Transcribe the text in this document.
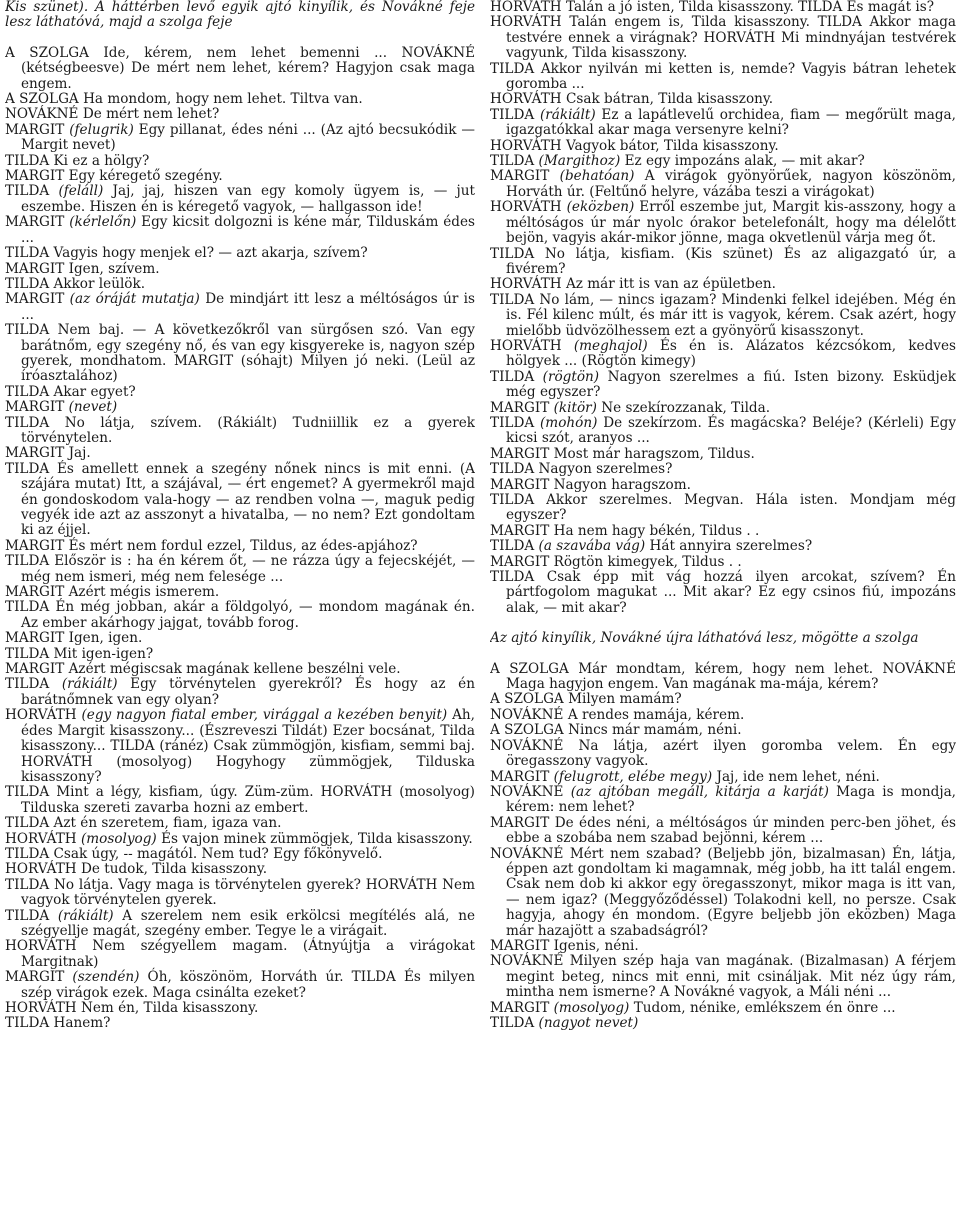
Kis szünet). A háttérben levő egyik ajtó kinyílik, és Novákné feje lesz láthatóvá, majd a szolga feje

A SZOLGA Ide, kérem, nem lehet bemenni ... NOVÁKNÉ (kétségbeesve) De mért nem lehet, kérem? Hagyjon csak maga engem.

A SZOLGA Ha mondom, hogy nem lehet. Tiltva van.

NOVÁKNÉ De mért nem lehet?

MARGIT (felugrik) Egy pillanat, édes néni ... (Az ajtó becsukódik — Margit nevet)

TILDA Ki ez a hölgy?

MARGIT Egy kéregető szegény.

TILDA (feláll) Jaj, jaj, hiszen van egy komoly ügyem is, — jut eszembe. Hiszen én is kéregető vagyok, — hallgasson ide!

MARGIT (kérlelőn) Egy kicsit dolgozni is kéne már, Tilduskám édes ...

TILDA Vagyis hogy menjek el? — azt akarja, szívem?

MARGIT Igen, szívem.

TILDA Akkor leülök.

MARGIT (az óráját mutatja) De mindjárt itt lesz a méltóságos úr is ...

TILDA Nem baj. — A következőkről van sürgősen szó. Van egy barátnőm, egy szegény nő, és van egy kisgyereke is, nagyon szép gyerek, mondhatom. MARGIT (sóhajt) Milyen jó neki. (Leül az íróasztalához)

TILDA Akar egyet?

MARGIT (nevet)

TILDA No látja, szívem. (Rákiált) Tudniillik ez a gyerek törvénytelen.

MARGIT Jaj.

TILDA És amellett ennek a szegény nőnek nincs is mit enni. (A szájára mutat) Itt, a szájával, — ért engemet? A gyermekről majd én gondoskodom vala-hogy — az rendben volna —, maguk pedig vegyék ide azt az asszonyt a hivatalba, — no nem? Ezt gondoltam ki az éjjel.

MARGIT És mért nem fordul ezzel, Tildus, az édes-apjához?

TILDA Először is : ha én kérem őt, — ne rázza úgy a fejecskéjét, — még nem ismeri, még nem felesége ...

MARGIT Azért mégis ismerem.

TILDA Én még jobban, akár a földgolyó, — mondom magának én. Az ember akárhogy jajgat, tovább forog.

MARGIT Igen, igen.

TILDA Mit igen-igen?

MARGIT Azért mégiscsak magának kellene beszélni vele.

TILDA (rákiált) Egy törvénytelen gyerekről? És hogy az én barátnőmnek van egy olyan?

HORVÁTH (egy nagyon fiatal ember, virággal a kezében benyit) Ah, édes Margit kisasszony... (Észreveszi Tildát) Ezer bocsánat, Tilda kisasszony... TILDA (ránéz) Csak zümmögjön, kisfiam, semmi baj. HORVÁTH (mosolyog) Hogyhogy zümmögjek, Tilduska kisasszony?

TILDA Mint a légy, kisfiam, úgy. Züm-züm. HORVÁTH (mosolyog) Tilduska szereti zavarba hozni az embert.

TILDA Azt én szeretem, fiam, igaza van.

HORVÁTH (mosolyog) És vajon minek zümmögjek, Tilda kisasszony.

TILDA Csak úgy, -- magától. Nem tud? Egy főkönyvelő.

HORVÁTH De tudok, Tilda kisasszony.

TILDA No látja. Vagy maga is törvénytelen gyerek? HORVÁTH Nem vagyok törvénytelen gyerek.

TILDA (rákiált) A szerelem nem esik erkölcsi megítélés alá, ne szégyellje magát, szegény ember. Tegye le a virágait.

HORVÁTH Nem szégyellem magam. (Átnyújtja a virágokat Margitnak)

MARGIT (szendén) Óh, köszönöm, Horváth úr. TILDA És milyen szép virágok ezek. Maga csinálta ezeket?

HORVÁTH Nem én, Tilda kisasszony.

TILDA Hanem?

HORVÁTH Talán a jó isten, Tilda kisasszony. TILDA És magát is?

HORVÁTH Talán engem is, Tilda kisasszony. TILDA Akkor maga testvére ennek a virágnak? HORVÁTH Mi mindnyájan testvérek vagyunk, Tilda kisasszony.

TILDA Akkor nyilván mi ketten is, nemde? Vagyis bátran lehetek goromba ...

HORVÁTH Csak bátran, Tilda kisasszony.

TILDA (rákiált) Ez a lapátlevelű orchidea, fiam — megőrült maga, igazgatókkal akar maga versenyre kelni?

HORVÁTH Vagyok bátor, Tilda kisasszony.

TILDA (Margithoz) Ez egy impozáns alak, — mit akar?

MARGIT (behatóan) A virágok gyönyörűek, nagyon köszönöm, Horváth úr. (Feltűnő helyre, vázába teszi a virágokat)

HORVÁTH (eközben) Erről eszembe jut, Margit kis-asszony, hogy a méltóságos úr már nyolc órakor betelefonált, hogy ma délelőtt bejön, vagyis akár-mikor jönne, maga okvetlenül várja meg őt.

TILDA No látja, kisfiam. (Kis szünet) És az aligazgató úr, a fivérem?

HORVÁTH Az már itt is van az épületben.

TILDA No lám, — nincs igazam? Mindenki felkel idejében. Még én is. Fél kilenc múlt, és már itt is vagyok, kérem. Csak azért, hogy mielőbb üdvözölhessem ezt a gyönyörű kisasszonyt.

HORVÁTH (meghajol) És én is. Alázatos kézcsókom, kedves hölgyek ... (Rögtön kimegy)

TILDA (rögtön) Nagyon szerelmes a fiú. Isten bizony. Esküdjek még egyszer?

MARGIT (kitör) Ne szekírozzanak, Tilda.

TILDA (mohón) De szekírzom. És magácska? Beléje? (Kérleli) Egy kicsi szót, aranyos ...

MARGIT Most már haragszom, Tildus.

TILDA Nagyon szerelmes?

MARGIT Nagyon haragszom.

TILDA Akkor szerelmes. Megvan. Hála isten. Mondjam még egyszer?

MARGIT Ha nem hagy békén, Tildus . .

TILDA (a szavába vág) Hát annyira szerelmes?

MARGIT Rögtön kimegyek, Tildus . .

TILDA Csak épp mit vág hozzá ilyen arcokat, szívem? Én pártfogolom magukat ... Mit akar? Ez egy csinos fiú, impozáns alak, — mit akar?

Az ajtó kinyílik, Novákné újra láthatóvá lesz, mögötte a szolga

A SZOLGA Már mondtam, kérem, hogy nem lehet. NOVÁKNÉ Maga hagyjon engem. Van magának ma-mája, kérem?

A SZOLGA Milyen mamám?

NOVÁKNÉ A rendes mamája, kérem.

A SZOLGA Nincs már mamám, néni.

NOVÁKNÉ Na látja, azért ilyen goromba velem. Én egy öregasszony vagyok.

MARGIT (felugrott, elébe megy) Jaj, ide nem lehet, néni.

NOVÁKNÉ (az ajtóban megáll, kitárja a karját) Maga is mondja, kérem: nem lehet?

MARGIT De édes néni, a méltóságos úr minden perc-ben jöhet, és ebbe a szobába nem szabad bejönni, kérem ...

NOVÁKNÉ Mért nem szabad? (Beljebb jön, bizalmasan) Én, látja, éppen azt gondoltam ki magamnak, még jobb, ha itt talál engem. Csak nem dob ki akkor egy öregasszonyt, mikor maga is itt van, — nem igaz? (Meggyőződéssel) Tolakodni kell, no persze. Csak hagyja, ahogy én mondom. (Egyre beljebb jön eközben) Maga már hazajött a szabadságról?

MARGIT Igenis, néni.

NOVÁKNÉ Milyen szép haja van magának. (Bizalmasan) A férjem megint beteg, nincs mit enni, mit csináljak. Mit néz úgy rám, mintha nem ismerne? A Novákné vagyok, a Máli néni ...

MARGIT (mosolyog) Tudom, nénike, emlékszem én önre ...

TILDA (nagyot nevet)
